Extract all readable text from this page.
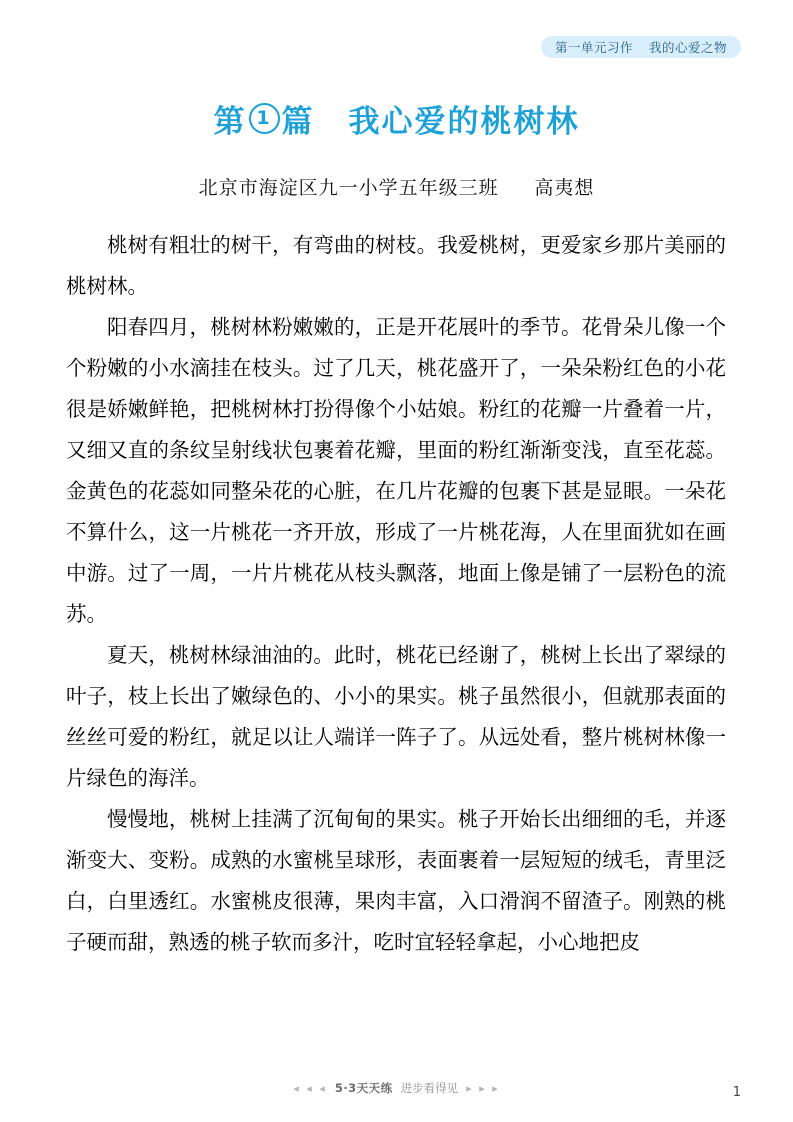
第一单元习作 我的心爱之物
第 1 篇 我心爱的桃树林
北京市海淀区九一小学五年级三班 高夷想

桃树有粗壮的树干，有弯曲的树枝。我爱桃树，更爱家乡那片美丽的桃树林。

阳春四月，桃树林粉嫩嫩的，正是开花展叶的季节。花骨朵儿像一个个粉嫩的小水滴挂在枝头。过了几天，桃花盛开了，一朵朵粉红色的小花很是娇嫩鲜艳，把桃树林打扮得像个小姑娘。粉红的花瓣一片叠着一片，又细又直的条纹呈射线状包裹着花瓣，里面的粉红渐渐变浅，直至花蕊。金黄色的花蕊如同整朵花的心脏，在几片花瓣的包裹下甚是显眼。一朵花不算什么，这一片桃花一齐开放，形成了一片桃花海，人在里面犹如在画中游。过了一周，一片片桃花从枝头飘落，地面上像是铺了一层粉色的流苏。

夏天，桃树林绿油油的。此时，桃花已经谢了，桃树上长出了翠绿的叶子，枝上长出了嫩绿色的、小小的果实。桃子虽然很小，但就那表面的丝丝可爱的粉红，就足以让人端详一阵子了。从远处看，整片桃树林像一片绿色的海洋。

慢慢地，桃树上挂满了沉甸甸的果实。桃子开始长出细细的毛，并逐渐变大、变粉。成熟的水蜜桃呈球形，表面裹着一层短短的绒毛，青里泛白，白里透红。水蜜桃皮很薄，果肉丰富，入口滑润不留渣子。刚熟的桃子硬而甜，熟透的桃子软而多汁，吃时宜轻轻拿起，小心地把皮

◂ ◂ ◂ 5·3天天练 进步看得见 ▸ ▸ ▸	1
